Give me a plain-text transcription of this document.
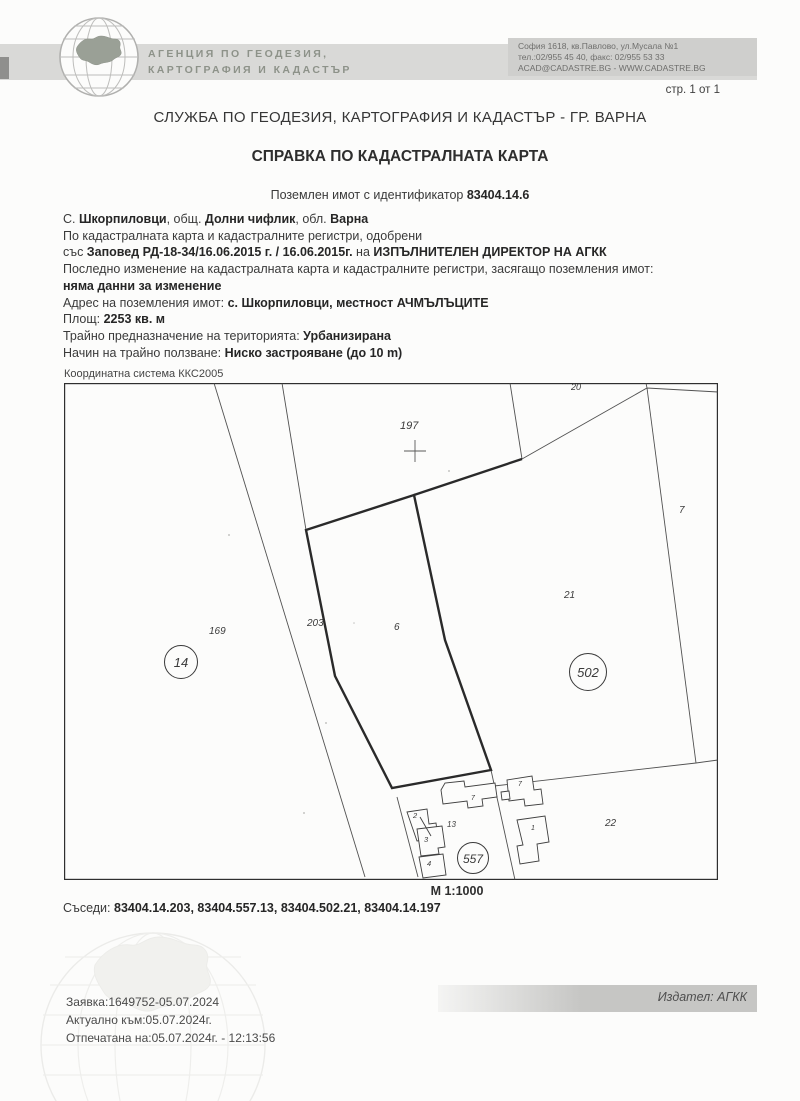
АГЕНЦИЯ ПО ГЕОДЕЗИЯ,
КАРТОГРАФИЯ И КАДАСТЪР
София 1618, кв.Павлово, ул.Мусала №1
тел.:02/955 45 40, факс: 02/955 53 33
ACAD@CADASTRE.BG - WWW.CADASTRE.BG
стр. 1 от 1
СЛУЖБА ПО ГЕОДЕЗИЯ, КАРТОГРАФИЯ И КАДАСТЪР - ГР. ВАРНА
СПРАВКА ПО КАДАСТРАЛНАТА КАРТА
Поземлен имот с идентификатор 83404.14.6
С. Шкорпиловци, общ. Долни чифлик, обл. Варна
По кадастралната карта и кадастралните регистри, одобрени
със Заповед РД-18-34/16.06.2015 г. / 16.06.2015г. на ИЗПЪЛНИТЕЛЕН ДИРЕКТОР НА АГКК
Последно изменение на кадастралната карта и кадастралните регистри, засягащо поземления имот:
няма данни за изменение
Адрес на поземления имот: с. Шкорпиловци, местност АЧМЪЛЪЦИТЕ
Площ: 2253 кв. м
Трайно предназначение на територията: Урбанизирана
Начин на трайно ползване: Ниско застрояване (до 10 m)
Координатна система ККС2005
197
20
7
21
169
203	6
22
14
502
557
13
2
3
4
7
7
1
М 1:1000
Съседи: 83404.14.203, 83404.557.13, 83404.502.21, 83404.14.197
Издател: АГКК
Заявка:1649752-05.07.2024
Актуално към:05.07.2024г.
Отпечатана на:05.07.2024г. - 12:13:56
